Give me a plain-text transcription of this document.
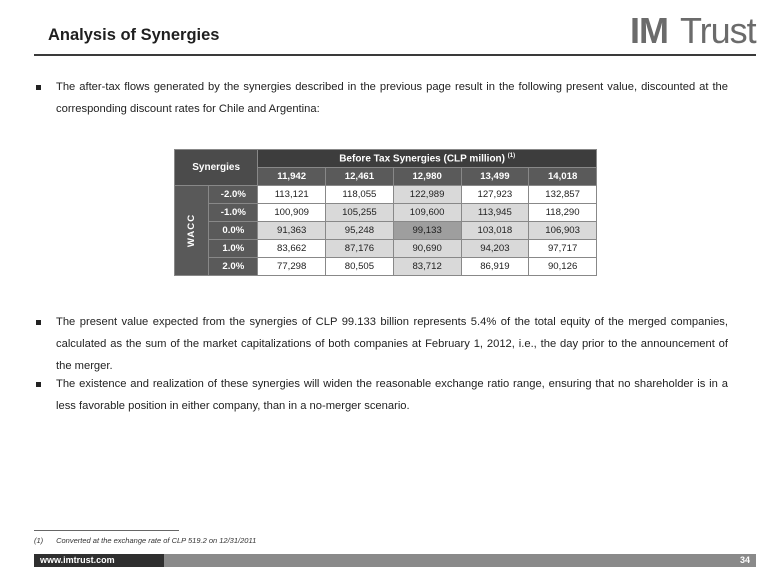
Analysis of Synergies	IM Trust
The after-tax flows generated by the synergies described in the previous page result in the following present value, discounted at the corresponding discount rates for Chile and Argentina:
Synergies		Before Tax Synergies (CLP million) $^{(1)}$
		11,942	12,461	12,980	13,499	14,018
WACC	-2.0%	113,121	118,055	122,989	127,923	132,857
	-1.0%	100,909	105,255	109,600	113,945	118,290
	0.0%	91,363	95,248	99,133	103,018	106,903
	1.0%	83,662	87,176	90,690	94,203	97,717
	2.0%	77,298	80,505	83,712	86,919	90,126
The present value expected from the synergies of CLP 99.133 billion represents 5.4% of the total equity of the merged companies, calculated as the sum of the market capitalizations of both companies at February 1, 2012, i.e., the day prior to the announcement of the merger.
The existence and realization of these synergies will widen the reasonable exchange ratio range, ensuring that no shareholder is in a less favorable position in either company, than in a no-merger scenario.
(1) Converted at the exchange rate of CLP 519.2 on 12/31/2011
www.imtrust.com	34
